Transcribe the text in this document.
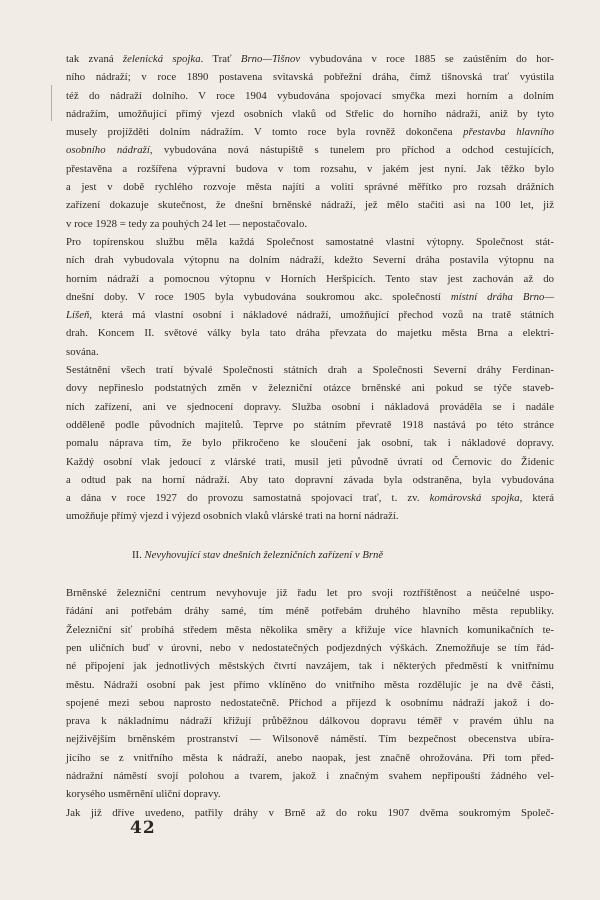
tak zvaná želenická spojka. Trať Brno—Tišnov vybudována v roce 1885 se zaústěním do hor-
ního nádraží; v roce 1890 postavena svitavská pobřežní dráha, čímž tišnovská trať vyústila
též do nádraží dolního. V roce 1904 vybudována spojovací smyčka mezi horním a dolním
nádražím, umožňující přímý vjezd osobních vlaků od Střelic do horního nádraží, aniž by tyto
musely projížděti dolním nádražím. V tomto roce byla rovněž dokončena přestavba hlavního
osobního nádraží, vybudována nová nástupiště s tunelem pro příchod a odchod cestujících,
přestavěna a rozšířena výpravní budova v tom rozsahu, v jakém jest nyní. Jak těžko bylo
a jest v době rychlého rozvoje města najíti a voliti správné měřítko pro rozsah drážních
zařízení dokazuje skutečnost, že dnešní brněnské nádraží, jež mělo stačiti asi na 100 let, již
v roce 1928 = tedy za pouhých 24 let — nepostačovalo.
Pro topírenskou službu měla každá Společnost samostatné vlastní výtopny. Společnost stát-
ních drah vybudovala výtopnu na dolním nádraží, kdežto Severní dráha postavila výtopnu na
horním nádraží a pomocnou výtopnu v Horních Heršpicích. Tento stav jest zachován až do
dnešní doby. V roce 1905 byla vybudována soukromou akc. společností místní dráha Brno—
Líšeň, která má vlastní osobní i nákladové nádraží, umožňující přechod vozů na tratě státních
drah. Koncem II. světové války byla tato dráha převzata do majetku města Brna a elektri-
sována.
Sestátnění všech tratí bývalé Společnosti státních drah a Společnosti Severní dráhy Ferdinan-
dovy nepřineslo podstatných změn v železniční otázce brněnské ani pokud se týče staveb-
ních zařízení, ani ve sjednocení dopravy. Služba osobní i nákladová prováděla se i nadále
odděleně podle původních majitelů. Teprve po státním převratě 1918 nastává po této stránce
pomalu náprava tím, že bylo přikročeno ke sloučení jak osobní, tak i nákladové dopravy.
Každý osobní vlak jedoucí z vlárské trati, musil jeti původně úvratí od Černovic do Židenic
a odtud pak na horní nádraží. Aby tato dopravní závada byla odstraněna, byla vybudována
a dána v roce 1927 do provozu samostatná spojovací trať, t. zv. komárovská spojka, která
umožňuje přímý vjezd i výjezd osobních vlaků vlárské trati na horní nádraží.
II. Nevyhovující stav dnešních železničních zařízení v Brně
Brněnské železniční centrum nevyhovuje již řadu let pro svoji roztříštěnost a neúčelné uspo-
řádání ani potřebám dráhy samé, tím méně potřebám druhého hlavního města republiky.
Železniční síť probíhá středem města několika směry a křižuje více hlavních komunikačních te-
pen uličních buď v úrovni, nebo v nedostatečných podjezdných výškách. Znemožňuje se tím řád-
né připojení jak jednotlivých městských čtvrtí navzájem, tak i některých předměstí k vnitřnímu
městu. Nádraží osobní pak jest přímo vklíněno do vnitřního města rozdělujíc je na dvě části,
spojené mezi sebou naprosto nedostatečně. Příchod a příjezd k osobnímu nádraží jakož i do-
prava k nákladnímu nádraží křižují průběžnou dálkovou dopravu téměř v pravém úhlu na
nejživějším brněnském prostranství — Wilsonově náměstí. Tím bezpečnost obecenstva ubíra-
jícího se z vnitřního města k nádraží, anebo naopak, jest značně ohrožována. Při tom před-
nádražní náměstí svojí polohou a tvarem, jakož i značným svahem nepřipouští žádného vel-
korysého usměrnění uliční dopravy.
Jak již dříve uvedeno, patřily dráhy v Brně až do roku 1907 dvěma soukromým Společ-
42
